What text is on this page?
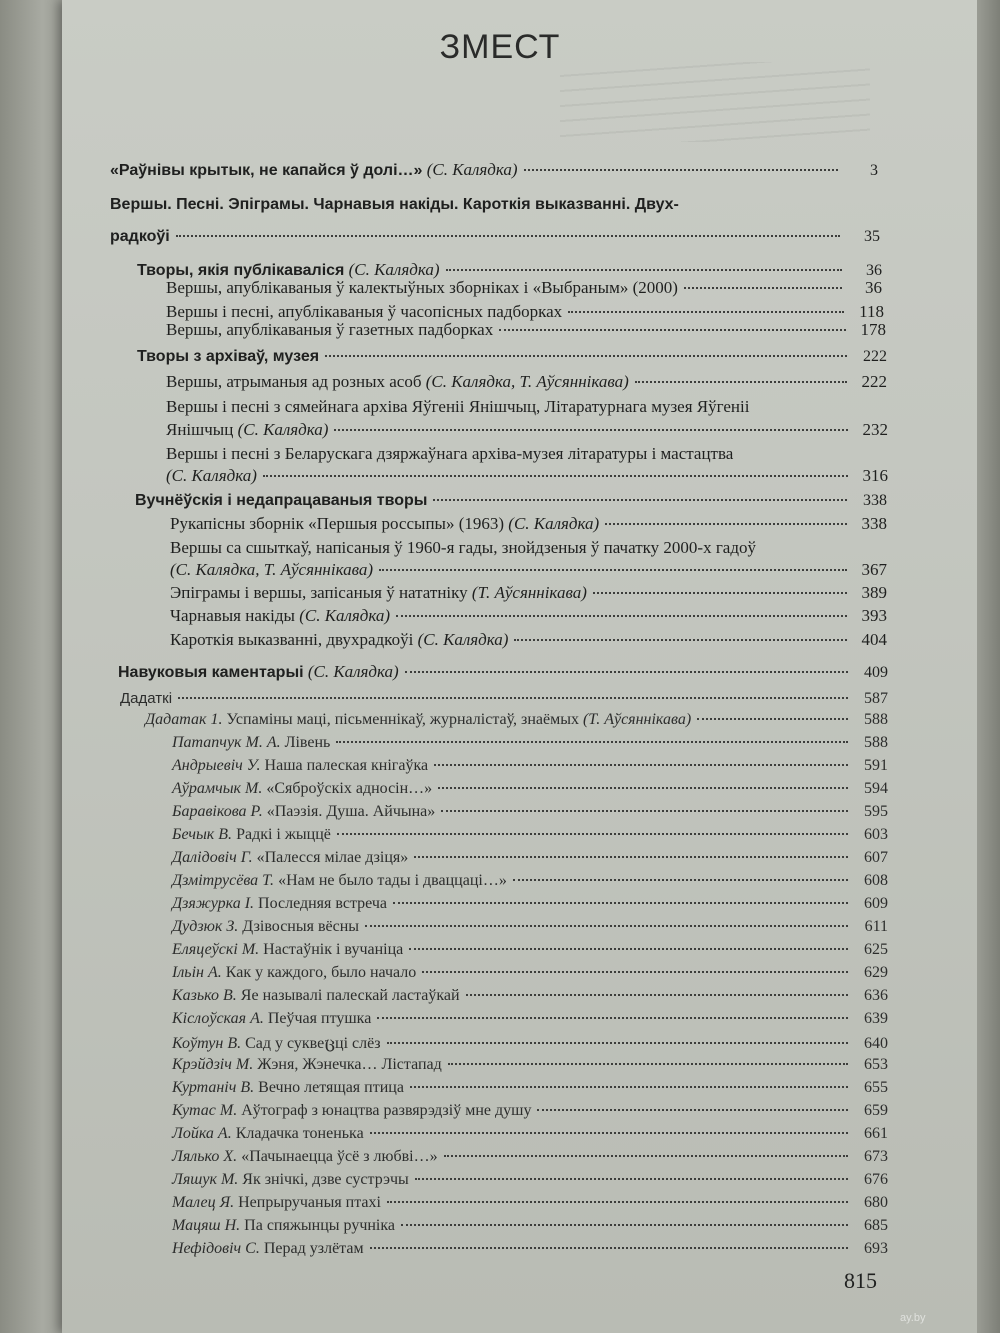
ЗМЕСТ
«Раўнівы крытык, не капайся ў долі…» (С. Калядка)	3
Вершы. Песні. Эпіграмы. Чарнавыя накіды. Кароткія выказванні. Двух-
радкоўі	35
Творы, якія публікаваліся (С. Калядка)	36
Вершы, апублікаваныя ў калектыўных зборніках і «Выбраным» (2000)	36
Вершы і песні, апублікаваныя ў часопісных падборках	118
Вершы, апублікаваныя ў газетных падборках	178
Творы з архіваў, музея	222
Вершы, атрыманыя ад розных асоб (С. Калядка, Т. Аўсяннікава)	222
Вершы і песні з сямейнага архіва Яўгеніі Янішчыц, Літаратурнага музея Яўгеніі
Янішчыц (С. Калядка)	232
Вершы і песні з Беларускага дзяржаўнага архіва-музея літаратуры і мастацтва
(С. Калядка)	316
Вучнёўскія і недапрацаваныя творы	338
Рукапісны зборнік «Першыя россыпы» (1963) (С. Калядка)	338
Вершы са сшыткаў, напісаныя ў 1960-я гады, знойдзеныя ў пачатку 2000-х гадоў
(С. Калядка, Т. Аўсяннікава)	367
Эпіграмы і вершы, запісаныя ў нататніку (Т. Аўсяннікава)	389
Чарнавыя накіды (С. Калядка)	393
Кароткія выказванні, двухрадкоўі (С. Калядка)	404
Навуковыя каментарыі (С. Калядка)	409
Дадаткі	587
Дадатак 1. Успаміны маці, пісьменнікаў, журналістаў, знаёмых (Т. Аўсяннікава)	588
Патапчук М. А. Лівень	588
Андрыевіч У. Наша палеская кнігаўка	591
Аўрамчык М. «Сяброўскіх адносін…»	594
Баравікова Р. «Паэзія. Душа. Айчына»	595
Бечык В. Радкі і жыццё	603
Далідовіч Г. «Палесся мілае дзіця»	607
Дзмітрусёва Т. «Нам не было тады і дваццаці…»	608
Дзяжурка І. Последняя встреча	609
Дудзюк З. Дзівосныя вёсны	611
Еляцеўскі М. Настаўнік і вучаніца	625
Ільін А. Как у каждого, было начало	629
Казько В. Яе называлі палескай ластаўкай	636
Кіслоўская А. Пеўчая птушка	639
Коўтун В. Сад у суквеცці слёз	640
Крэйдзіч М. Жэня, Жэнечка… Лістапад	653
Куртаніч В. Вечно летящая птица	655
Кутас М. Аўтограф з юнацтва развярэдзіў мне душу	659
Лойка А. Кладачка тоненька	661
Лялько Х. «Пачынаецца ўсё з любві…»	673
Ляшук М. Як знічкі, дзве сустрэчы	676
Малец Я. Непрыручаныя птахі	680
Мацяш Н. Па спяжынцы ручніка	685
Нефідовіч С. Перад узлётам	693
815
ay.by
